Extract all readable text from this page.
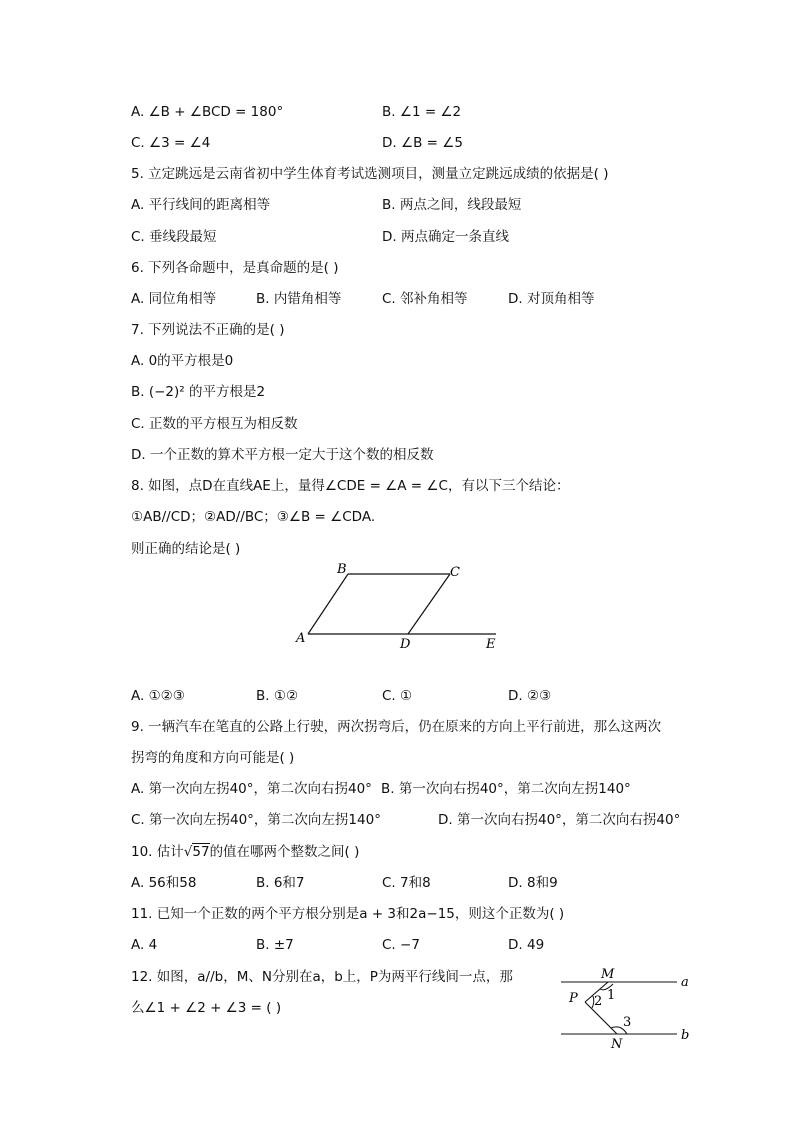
A. ∠B + ∠BCD = 180°	B. ∠1 = ∠2
C. ∠3 = ∠4	D. ∠B = ∠5
5. 立定跳远是云南省初中学生体育考试选测项目，测量立定跳远成绩的依据是( )
A. 平行线间的距离相等	B. 两点之间，线段最短
C. 垂线段最短	D. 两点确定一条直线
6. 下列各命题中，是真命题的是( )
A. 同位角相等	B. 内错角相等	C. 邻补角相等	D. 对顶角相等
7. 下列说法不正确的是( )
A. 0的平方根是0
B. (−2)² 的平方根是2
C. 正数的平方根互为相反数
D. 一个正数的算术平方根一定大于这个数的相反数
8. 如图，点D在直线AE上，量得∠CDE = ∠A = ∠C，有以下三个结论：
①AB//CD；②AD//BC；③∠B = ∠CDA.
则正确的结论是( )
A
B	C
D	E
A. ①②③	B. ①②	C. ①	D. ②③
9. 一辆汽车在笔直的公路上行驶，两次拐弯后，仍在原来的方向上平行前进，那么这两次
拐弯的角度和方向可能是( )
A. 第一次向左拐40°，第二次向右拐40° B. 第一次向右拐40°，第二次向左拐140°
C. 第一次向左拐40°，第二次向左拐140°	D. 第一次向右拐40°，第二次向右拐40°
10. 估计√57的值在哪两个整数之间( )
A. 56和58	B. 6和7	C. 7和8	D. 8和9
11. 已知一个正数的两个平方根分别是a + 3和2a−15，则这个正数为( )
A. 4	B. ±7	C. −7	D. 49
12. 如图，a//b，M、N分别在a，b上，P为两平行线间一点，那
么∠1 + ∠2 + ∠3 = ( )
M
N
P
a
b
1
2
3
